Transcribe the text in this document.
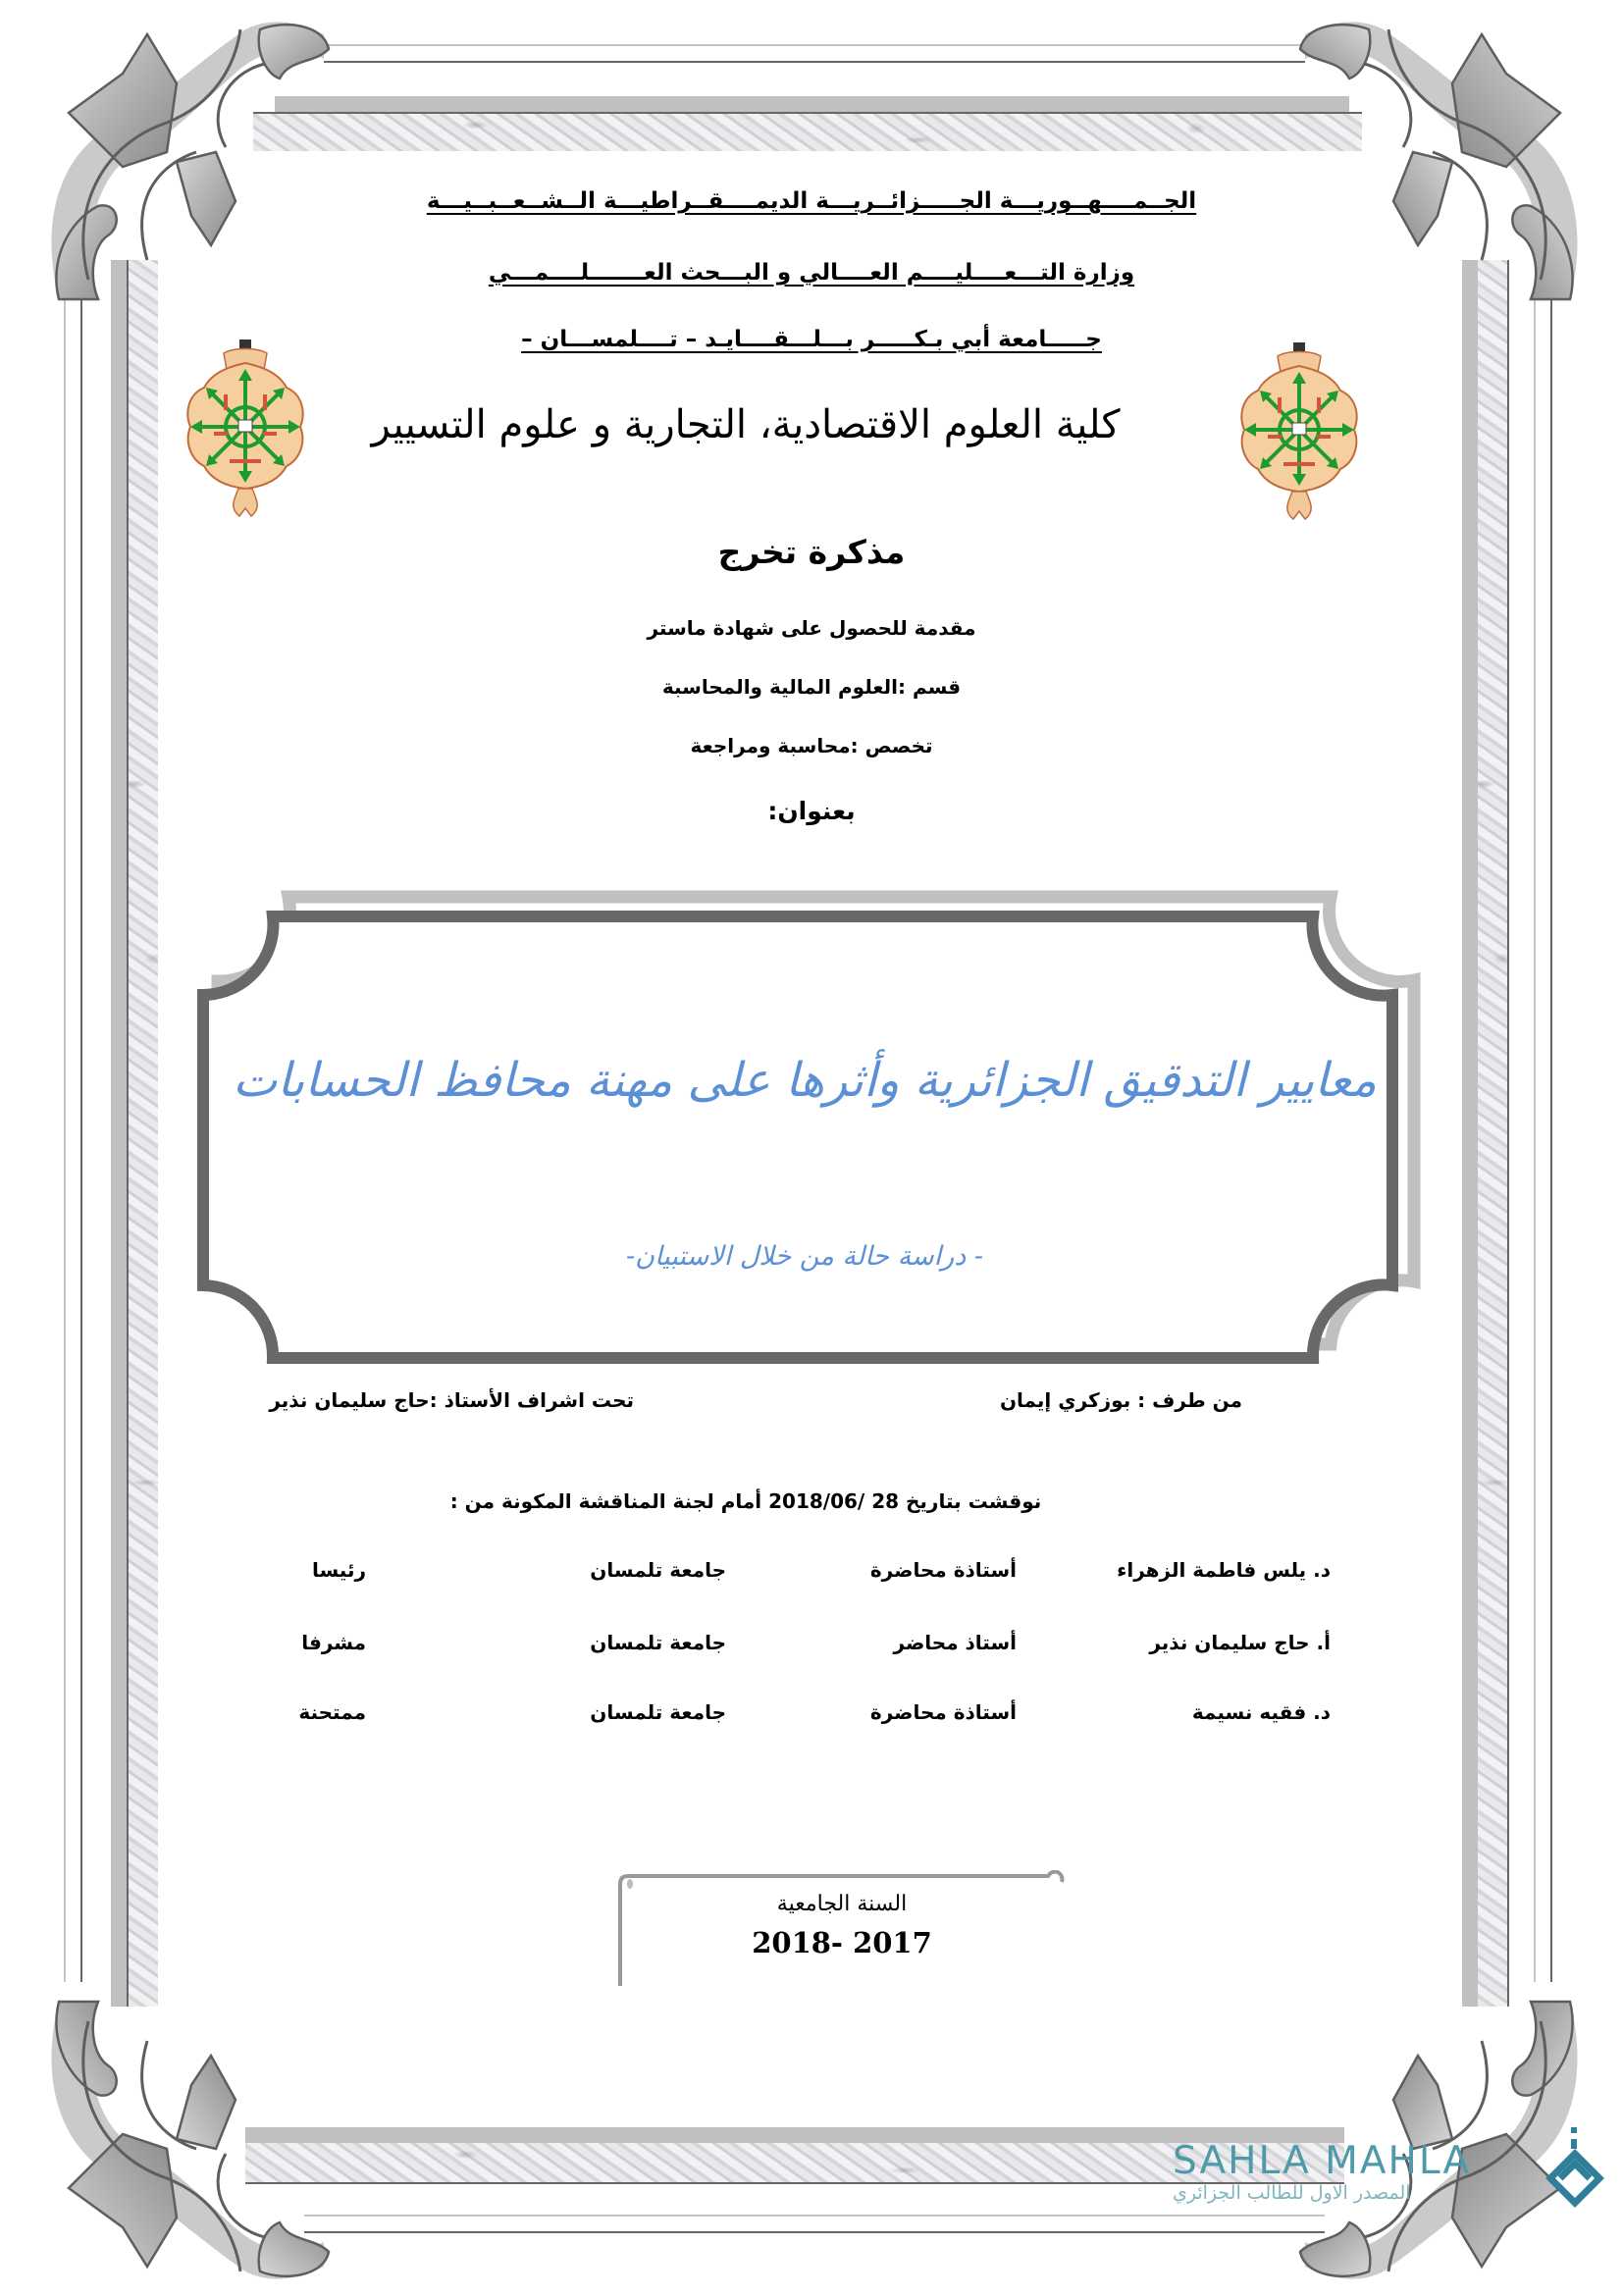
الجــمــــهــوريـــة الجـــــزائــريـــة الديمــــقــراطيـــة الــشــعــبــيـــة
وزارة التـــعــــليــــم العــــالي و البـــحث العـــــــلــــمـــي
جـــــامعة أبي بـكـــــر بـــلـــقــــايـد – تــــلمســـان –
كلية العلوم الاقتصادية، التجارية و علوم التسيير
مذكرة تخرج
مقدمة للحصول على شهادة ماستر
قسم :العلوم المالية والمحاسبة
تخصص :محاسبة ومراجعة
بعنوان:
معايير التدقيق الجزائرية وأثرها على مهنة محافظ الحسابات
- دراسة حالة من خلال الاستبيان-
من طرف : بوزكري إيمان
تحت اشراف الأستاذ :حاج سليمان نذير
نوقشت بتاريخ 28 /2018/06 أمام لجنة المناقشة المكونة من :
د. يلس فاطمة الزهراء
أستاذة محاضرة
جامعة تلمسان
رئيسا
أ. حاج سليمان نذير
أستاذ محاضر
جامعة تلمسان
مشرفا
د. فقيه نسيمة
أستاذة محاضرة
جامعة تلمسان
ممتحنة
السنة الجامعية
2018- 2017
SAHLA MAHLA
المصدر الاول للطالب الجزائري
